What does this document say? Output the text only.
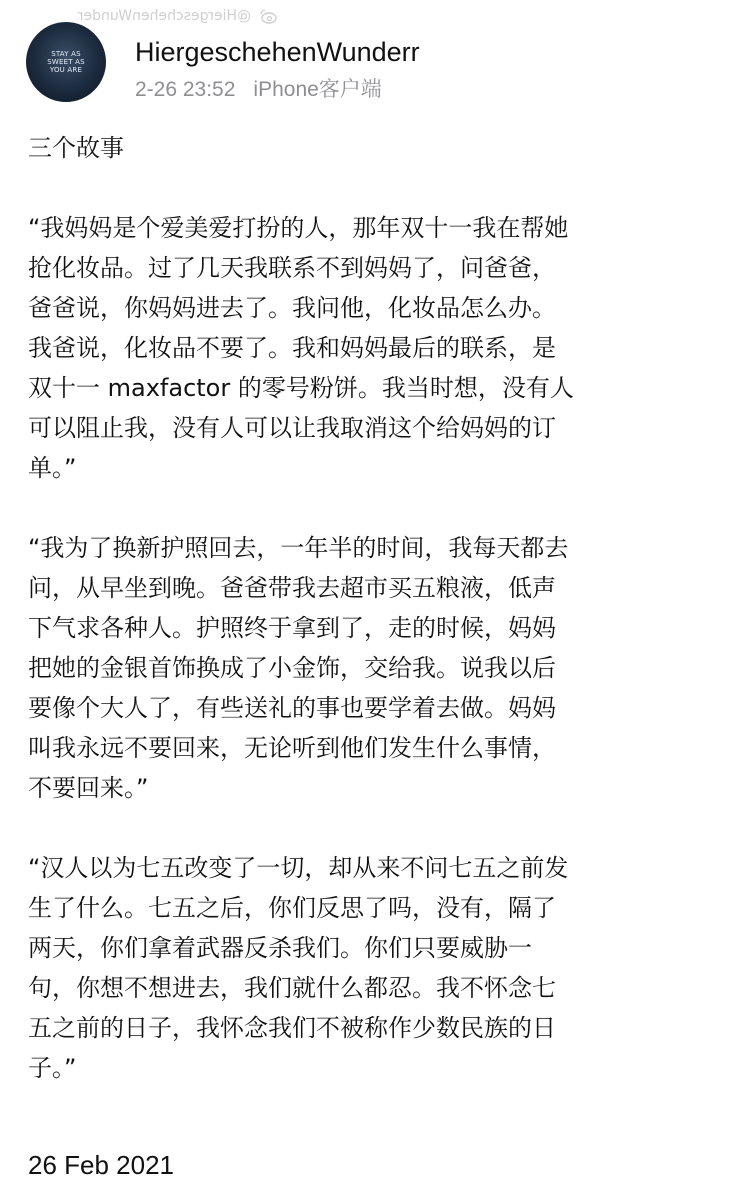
@HiergeschehenWunder
STAY AS SWEET AS YOU ARE
HiergeschehenWunderr
2-26 23:52 iPhone客户端
三个故事
“我妈妈是个爱美爱打扮的人，那年双十一我在帮她
抢化妆品。过了几天我联系不到妈妈了，问爸爸，
爸爸说，你妈妈进去了。我问他，化妆品怎么办。
我爸说，化妆品不要了。我和妈妈最后的联系，是
双十一 maxfactor 的零号粉饼。我当时想，没有人
可以阻止我，没有人可以让我取消这个给妈妈的订
单。”
“我为了换新护照回去，一年半的时间，我每天都去
问，从早坐到晚。爸爸带我去超市买五粮液，低声
下气求各种人。护照终于拿到了，走的时候，妈妈
把她的金银首饰换成了小金饰，交给我。说我以后
要像个大人了，有些送礼的事也要学着去做。妈妈
叫我永远不要回来，无论听到他们发生什么事情，
不要回来。”
“汉人以为七五改变了一切，却从来不问七五之前发
生了什么。七五之后，你们反思了吗，没有，隔了
两天，你们拿着武器反杀我们。你们只要威胁一
句，你想不想进去，我们就什么都忍。我不怀念七
五之前的日子，我怀念我们不被称作少数民族的日
子。”
26 Feb 2021
